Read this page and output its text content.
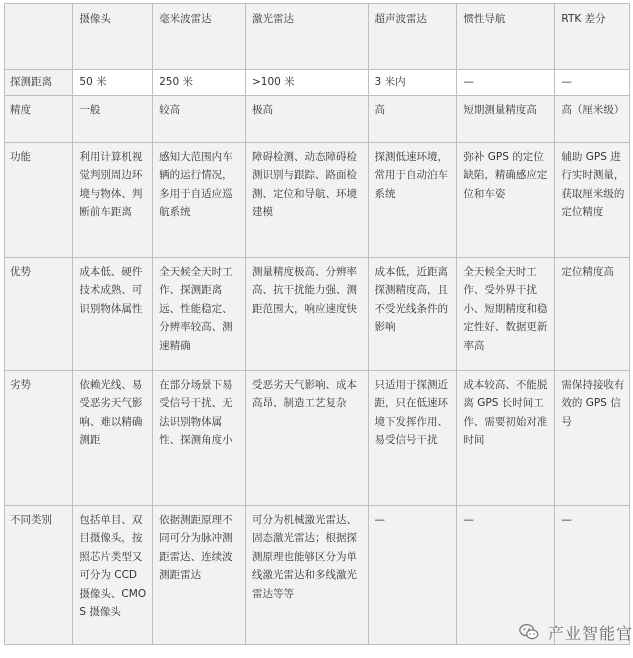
	摄像头	毫米波雷达	激光雷达	超声波雷达	惯性导航	RTK 差分
探测距离	50 米	250 米	>100 米	3 米内	—	—
精度	一般	较高	极高	高	短期测量精度高	高（厘米级）
功能	利用计算机视觉判别周边环境与物体、判断前车距离	感知大范围内车辆的运行情况，多用于自适应巡航系统	障碍检测、动态障碍检测识别与跟踪、路面检测、定位和导航、环境建模	探测低速环境，常用于自动泊车系统	弥补 GPS 的定位缺陷，精确感应定位和车姿	辅助 GPS 进行实时测量，获取厘米级的定位精度
优势	成本低、硬件技术成熟、可识别物体属性	全天候全天时工作、探测距离远、性能稳定、分辨率较高、测速精确	测量精度极高、分辨率高、抗干扰能力强、测距范围大，响应速度快	成本低，近距离探测精度高，且不受光线条件的影响	全天候全天时工作、受外界干扰小、短期精度和稳定性好、数据更新率高	定位精度高
劣势	依赖光线、易受恶劣天气影响、难以精确测距	在部分场景下易受信号干扰、无法识别物体属性、探测角度小	受恶劣天气影响、成本高昂、制造工艺复杂	只适用于探测近距，只在低速环境下发挥作用、易受信号干扰	成本较高、不能脱离 GPS 长时间工作、需要初始对准时间	需保持接收有效的 GPS 信号
不同类别	包括单目、双目摄像头，按照芯片类型又可分为 CCD 摄像头、CMOS 摄像头	依据测距原理不同可分为脉冲测距雷达、连续波测距雷达	可分为机械激光雷达、固态激光雷达；根据探测原理也能够区分为单线激光雷达和多线激光雷达等等	—	—	—
产业智能官
